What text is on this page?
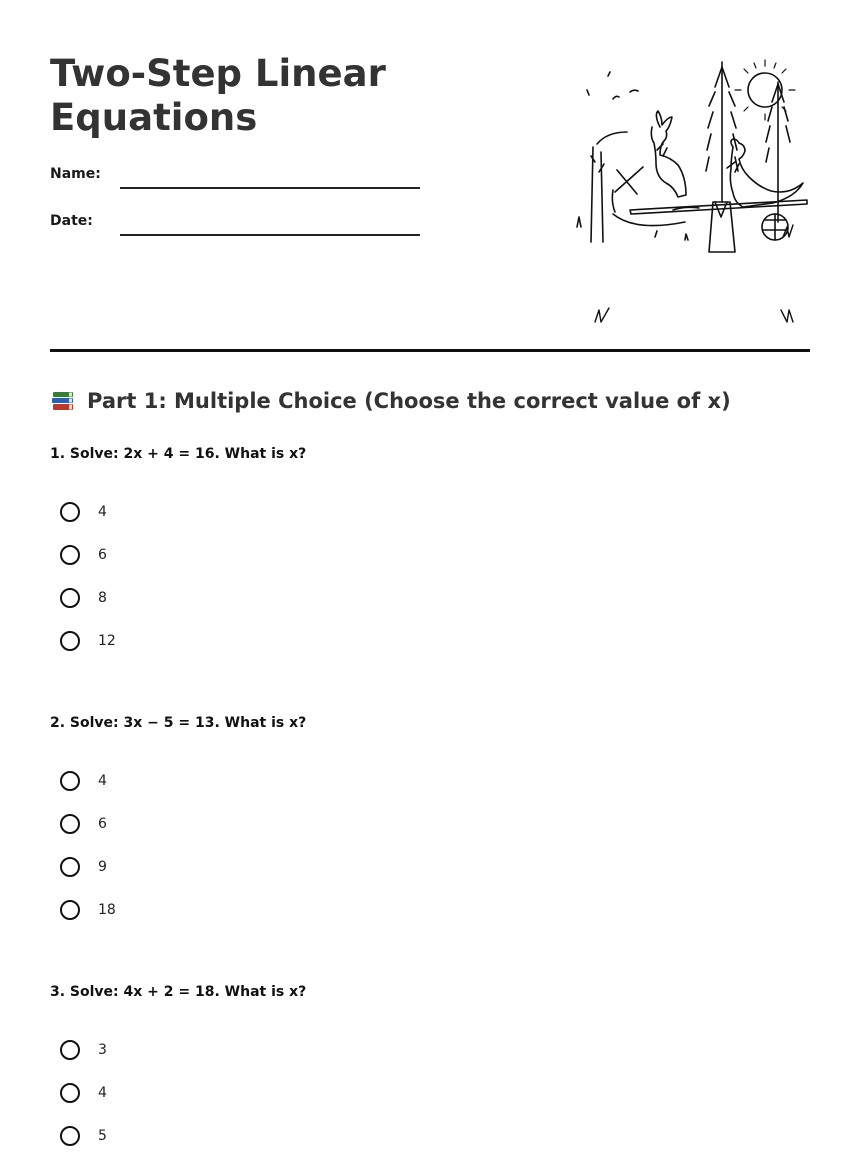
Two-Step Linear Equations
Name:
Date:
Part 1: Multiple Choice (Choose the correct value of x)

1. Solve: 2x + 4 = 16. What is x?

4
6
8
12

2. Solve: 3x − 5 = 13. What is x?

4
6
9
18

3. Solve: 4x + 2 = 18. What is x?

3
4
5
